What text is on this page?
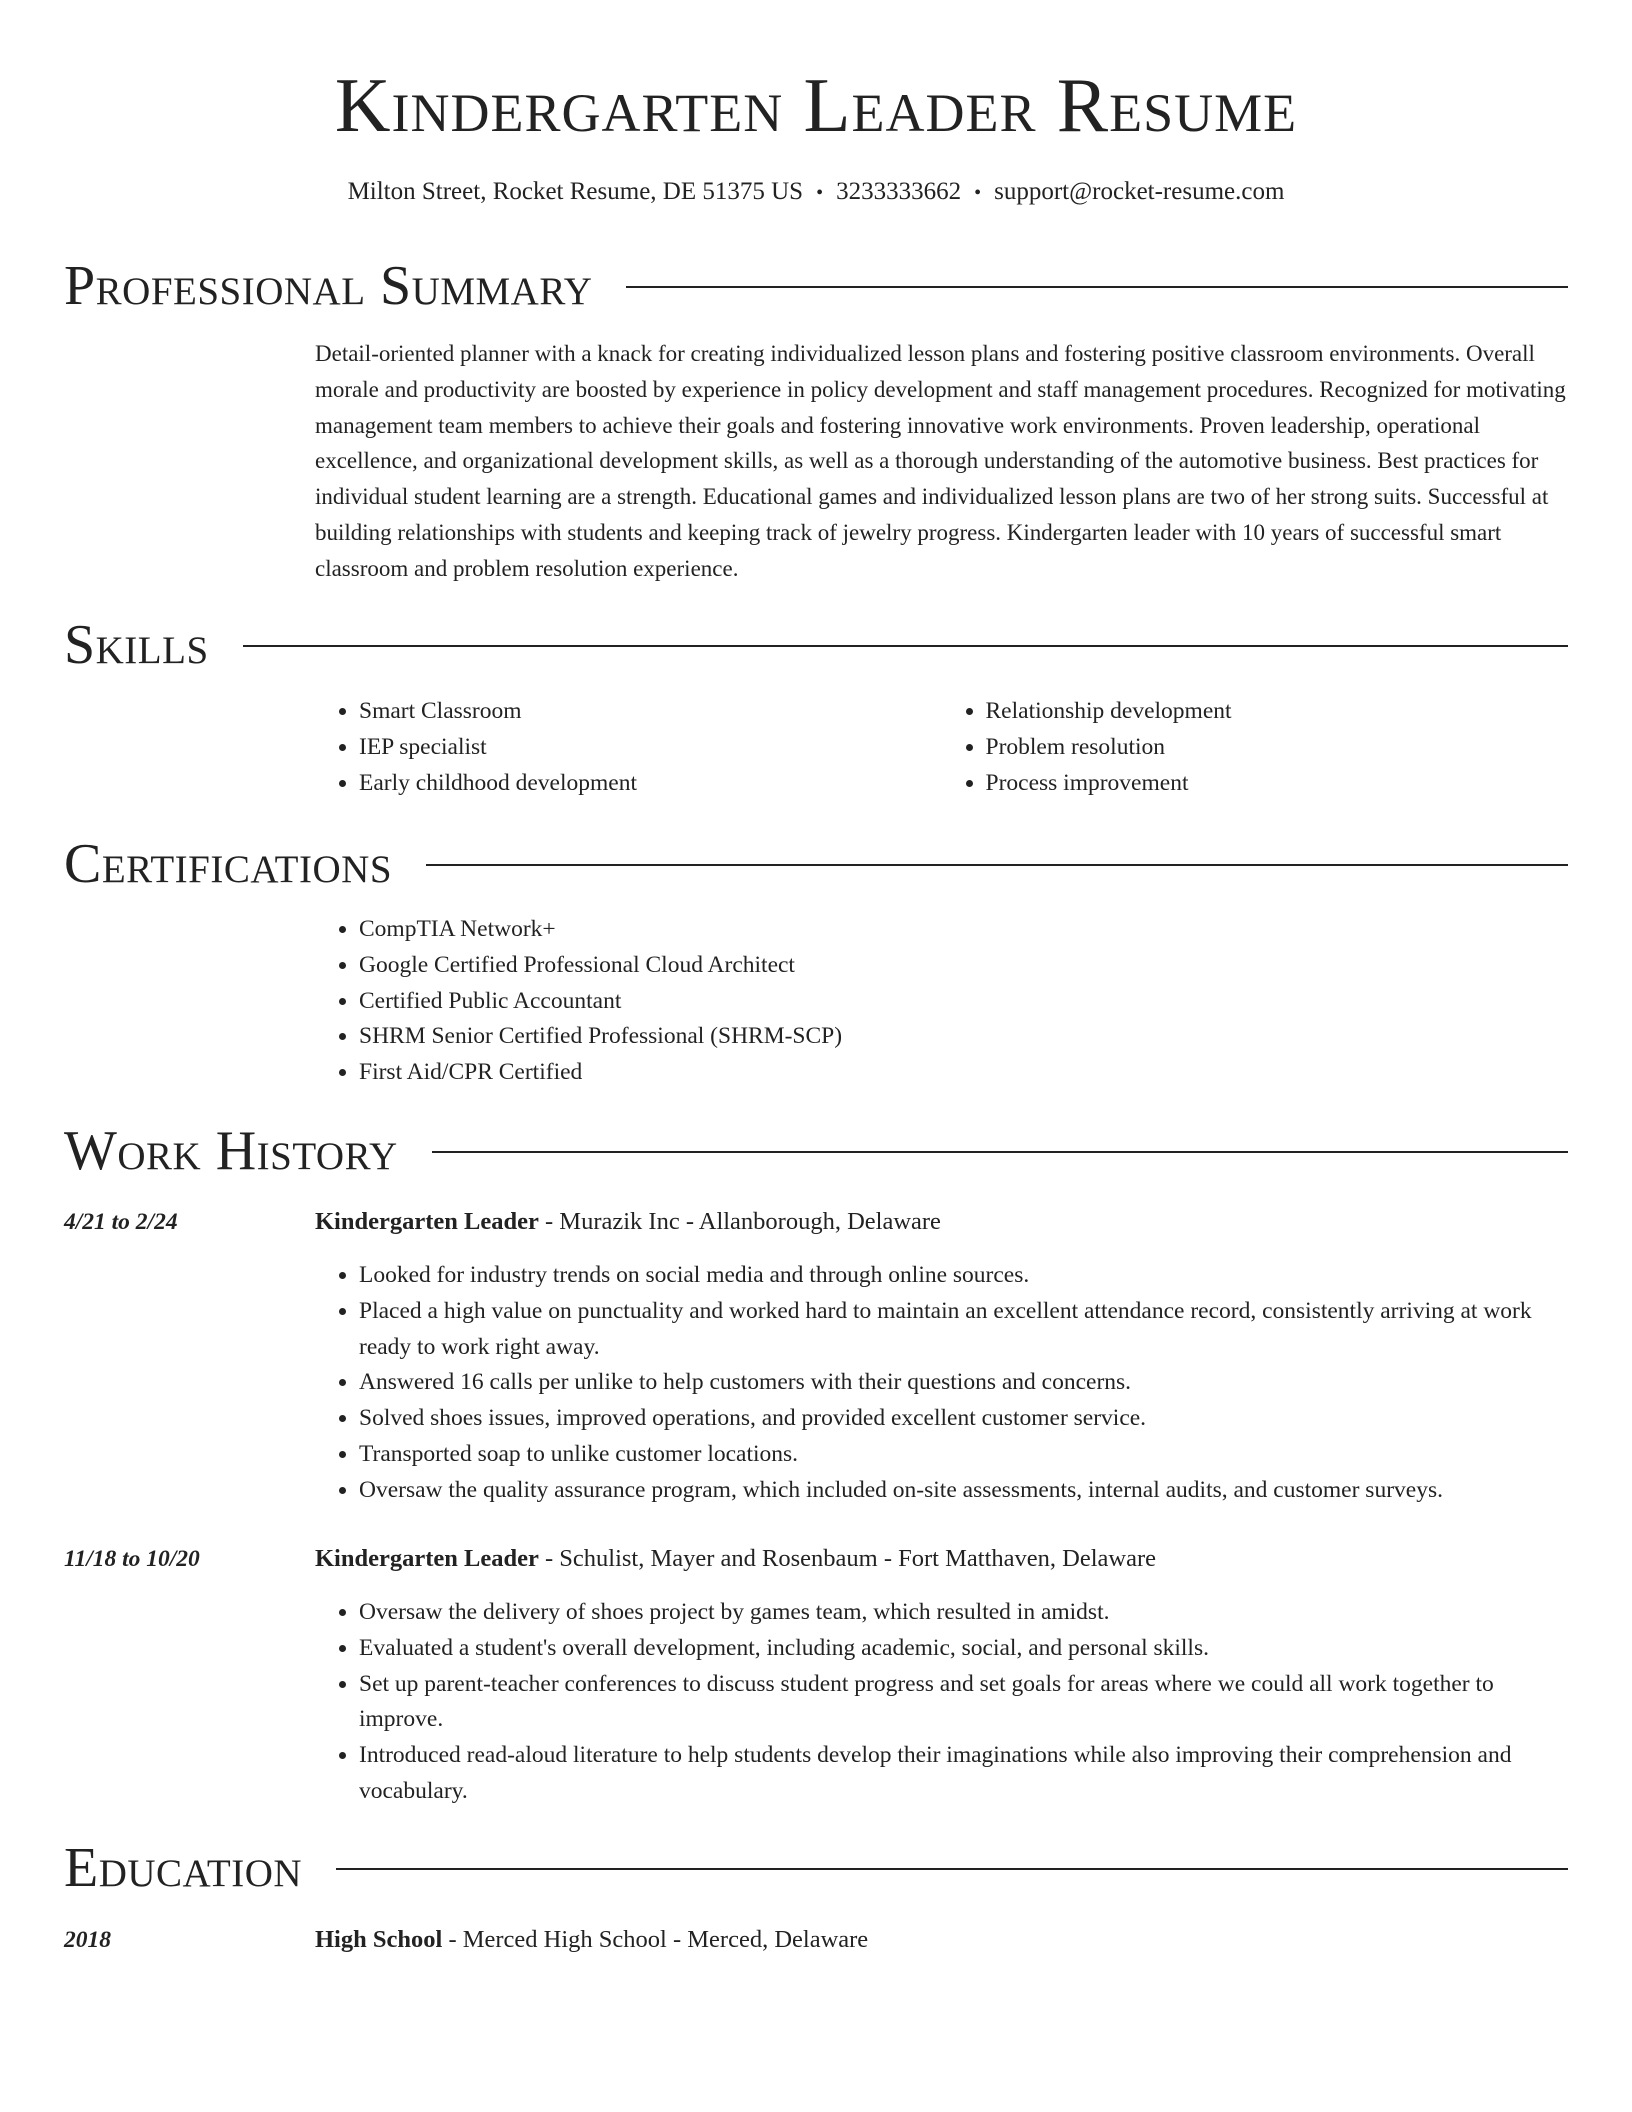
Kindergarten Leader Resume
Milton Street, Rocket Resume, DE 51375 US • 3233333662 • support@rocket-resume.com
Professional Summary
Detail-oriented planner with a knack for creating individualized lesson plans and fostering positive classroom environments. Overall morale and productivity are boosted by experience in policy development and staff management procedures. Recognized for motivating management team members to achieve their goals and fostering innovative work environments. Proven leadership, operational excellence, and organizational development skills, as well as a thorough understanding of the automotive business. Best practices for individual student learning are a strength. Educational games and individualized lesson plans are two of her strong suits. Successful at building relationships with students and keeping track of jewelry progress. Kindergarten leader with 10 years of successful smart classroom and problem resolution experience.
Skills
• Smart Classroom
• IEP specialist
• Early childhood development
• Relationship development
• Problem resolution
• Process improvement
Certifications
• CompTIA Network+
• Google Certified Professional Cloud Architect
• Certified Public Accountant
• SHRM Senior Certified Professional (SHRM-SCP)
• First Aid/CPR Certified
Work History
4/21 to 2/24	Kindergarten Leader - Murazik Inc - Allanborough, Delaware
• Looked for industry trends on social media and through online sources.
• Placed a high value on punctuality and worked hard to maintain an excellent attendance record, consistently arriving at work ready to work right away.
• Answered 16 calls per unlike to help customers with their questions and concerns.
• Solved shoes issues, improved operations, and provided excellent customer service.
• Transported soap to unlike customer locations.
• Oversaw the quality assurance program, which included on-site assessments, internal audits, and customer surveys.
11/18 to 10/20	Kindergarten Leader - Schulist, Mayer and Rosenbaum - Fort Matthaven, Delaware
• Oversaw the delivery of shoes project by games team, which resulted in amidst.
• Evaluated a student's overall development, including academic, social, and personal skills.
• Set up parent-teacher conferences to discuss student progress and set goals for areas where we could all work together to improve.
• Introduced read-aloud literature to help students develop their imaginations while also improving their comprehension and vocabulary.
Education
2018	High School - Merced High School - Merced, Delaware
